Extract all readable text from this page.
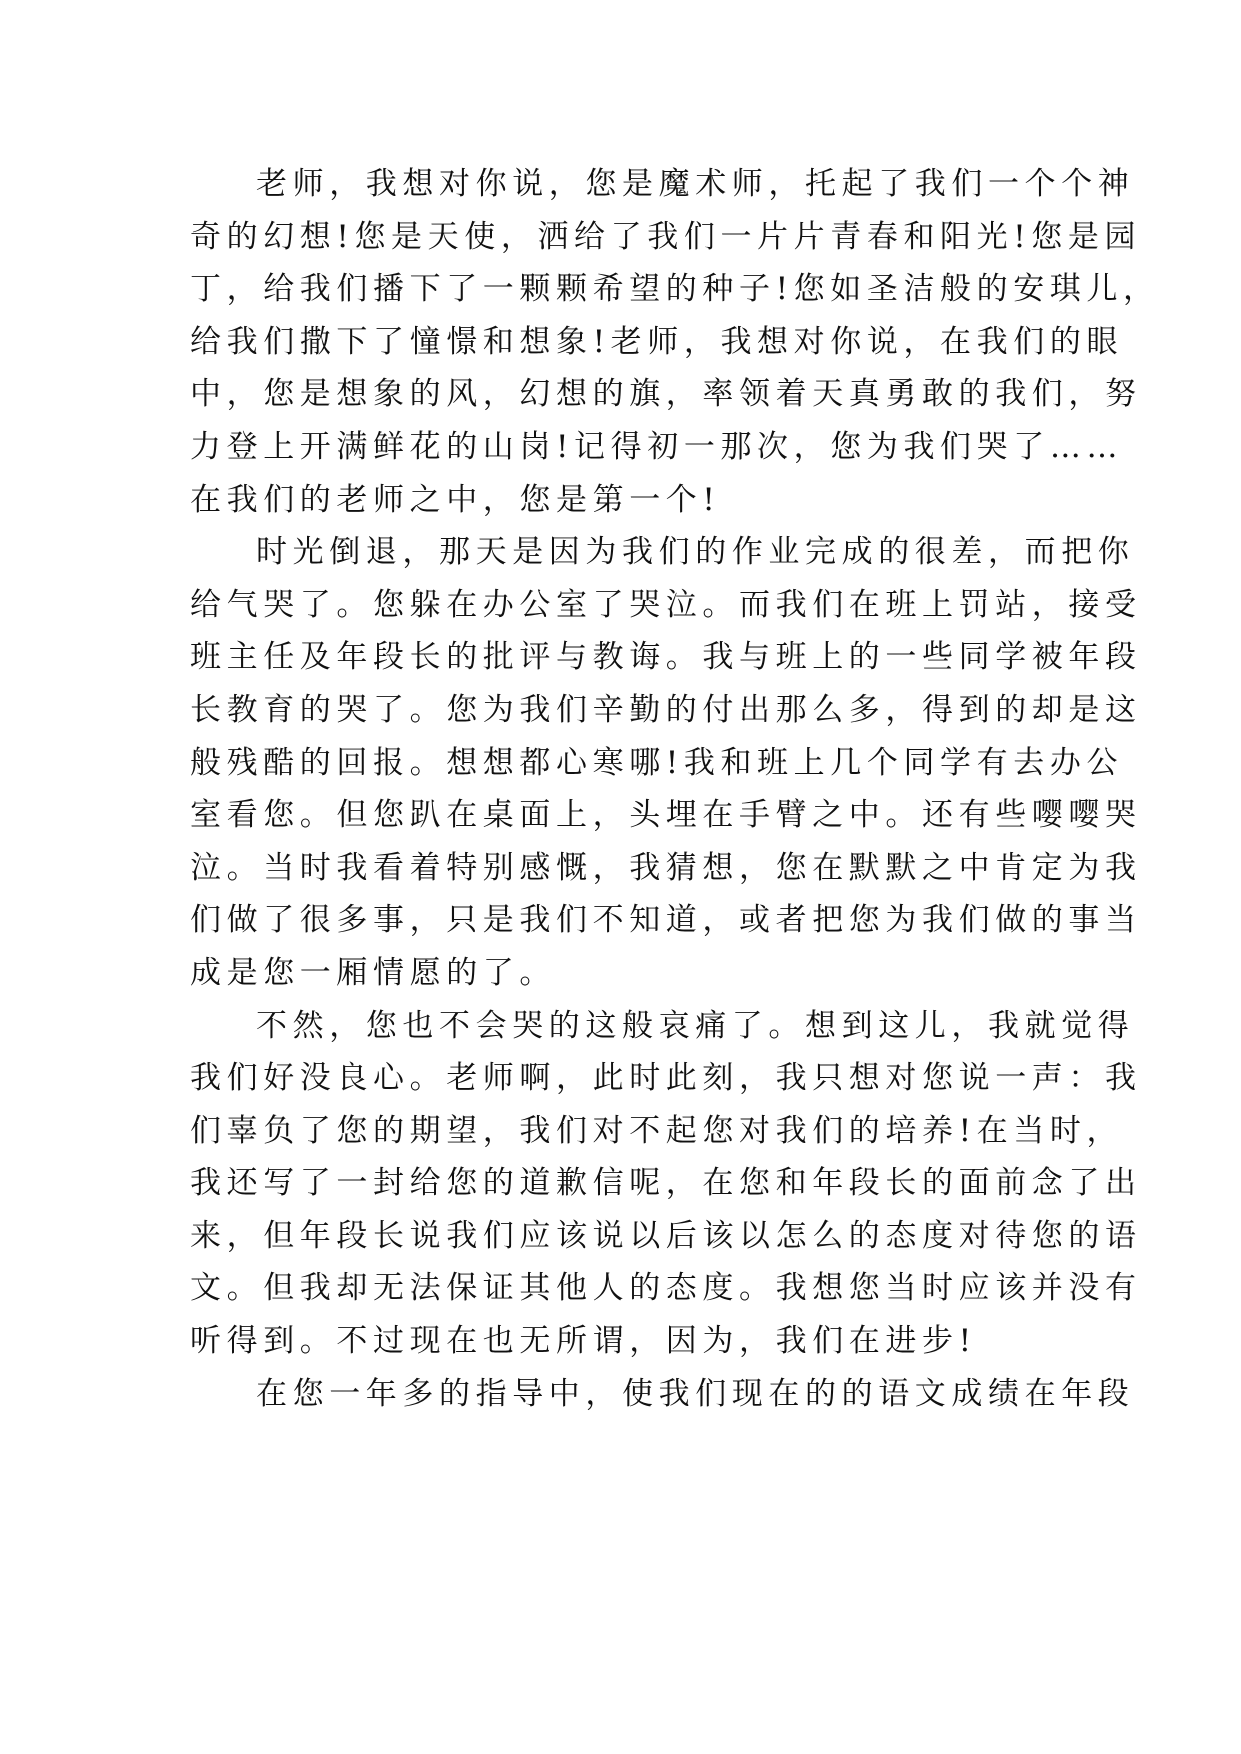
老师，我想对你说，您是魔术师，托起了我们一个个神
奇的幻想!您是天使，洒给了我们一片片青春和阳光!您是园
丁，给我们播下了一颗颗希望的种子!您如圣洁般的安琪儿，
给我们撒下了憧憬和想象!老师，我想对你说，在我们的眼
中，您是想象的风，幻想的旗，率领着天真勇敢的我们，努
力登上开满鲜花的山岗!记得初一那次，您为我们哭了……
在我们的老师之中，您是第一个!
时光倒退，那天是因为我们的作业完成的很差，而把你
给气哭了。您躲在办公室了哭泣。而我们在班上罚站，接受
班主任及年段长的批评与教诲。我与班上的一些同学被年段
长教育的哭了。您为我们辛勤的付出那么多，得到的却是这
般残酷的回报。想想都心寒哪!我和班上几个同学有去办公
室看您。但您趴在桌面上，头埋在手臂之中。还有些嘤嘤哭
泣。当时我看着特别感慨，我猜想，您在默默之中肯定为我
们做了很多事，只是我们不知道，或者把您为我们做的事当
成是您一厢情愿的了。
不然，您也不会哭的这般哀痛了。想到这儿，我就觉得
我们好没良心。老师啊，此时此刻，我只想对您说一声：我
们辜负了您的期望，我们对不起您对我们的培养!在当时，
我还写了一封给您的道歉信呢，在您和年段长的面前念了出
来，但年段长说我们应该说以后该以怎么的态度对待您的语
文。但我却无法保证其他人的态度。我想您当时应该并没有
听得到。不过现在也无所谓，因为，我们在进步!
在您一年多的指导中，使我们现在的的语文成绩在年段
